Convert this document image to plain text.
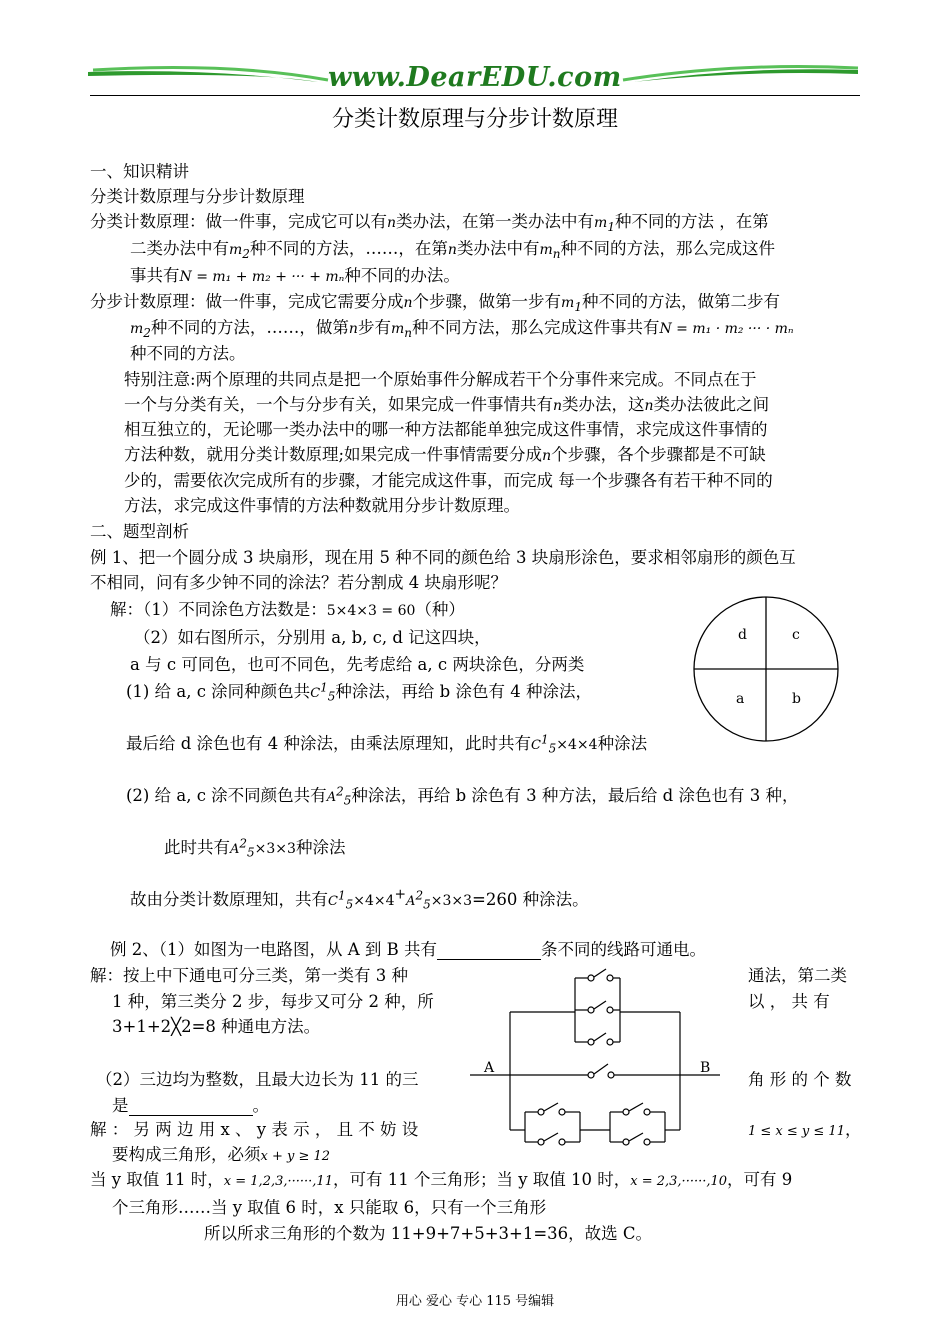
www.DearEDU.com
分类计数原理与分步计数原理
一、知识精讲
分类计数原理与分步计数原理
分类计数原理：做一件事，完成它可以有n类办法，在第一类办法中有$m_1$种不同的方法 ，在第
二类办法中有$m_2$种不同的方法，……，在第n类办法中有$m_n$种不同的方法，那么完成这件
事共有N = m₁ + m₂ + ··· + mₙ种不同的办法。
分步计数原理：做一件事，完成它需要分成n个步骤，做第一步有$m_1$种不同的方法，做第二步有
$m_2$种不同的方法，……，做第n步有$m_n$种不同方法，那么完成这件事共有N = m₁ · m₂ ··· · mₙ
种不同的方法。
特别注意:两个原理的共同点是把一个原始事件分解成若干个分事件来完成。不同点在于
一个与分类有关，一个与分步有关，如果完成一件事情共有n类办法，这n类办法彼此之间
相互独立的，无论哪一类办法中的哪一种方法都能单独完成这件事情，求完成这件事情的
方法种数，就用分类计数原理;如果完成一件事情需要分成n个步骤，各个步骤都是不可缺
少的，需要依次完成所有的步骤，才能完成这件事，而完成 每一个步骤各有若干种不同的
方法，求完成这件事情的方法种数就用分步计数原理。
二、题型剖析
例 1、把一个圆分成 3 块扇形，现在用 5 种不同的颜色给 3 块扇形涂色，要求相邻扇形的颜色互
不相同，问有多少钟不同的涂法？若分割成 4 块扇形呢？
解：（1）不同涂色方法数是：5×4×3 = 60（种）
（2）如右图所示，分别用 a, b, c, d 记这四块，
a 与 c 可同色，也可不同色，先考虑给 a, c 两块涂色，分两类
(1) 给 a, c 涂同种颜色共$C^1_5$种涂法，再给 b 涂色有 4 种涂法，
最后给 d 涂色也有 4 种涂法，由乘法原理知，此时共有$C^1_5\times 4\times 4$种涂法
(2) 给 a, c 涂不同颜色共有$A^2_5$种涂法，再给 b 涂色有 3 种方法，最后给 d 涂色也有 3 种，
此时共有$A^2_5\times 3\times 3$种涂法
故由分类计数原理知，共有$C^1_5\times 4\times 4^+A^2_5\times 3\times 3=260$ 种涂法。
d	c
a	b
例 2、（1）如图为一电路图，从 A 到 B 共有	条不同的线路可通电。
解：按上中下通电可分三类，第一类有 3 种	通法，第二类
1 种，第三类分 2 步，每步又可分 2 种，所	以 ， 共 有
3+1+2╳2=8 种通电方法。
（2）三边均为整数，且最大边长为 11 的三	角 形 的 个 数
是	。
解 ： 另 两 边 用 x 、 y 表 示 ， 且 不 妨 设	1 ≤ x ≤ y ≤ 11，
要构成三角形，必须x + y ≥ 12
当 y 取值 11 时，x = 1,2,3,······,11，可有 11 个三角形；当 y 取值 10 时，x = 2,3,······,10，可有 9
个三角形……当 y 取值 6 时，x 只能取 6，只有一个三角形
所以所求三角形的个数为 11+9+7+5+3+1=36，故选 C。
A	B
用心 爱心 专心 115 号编辑
